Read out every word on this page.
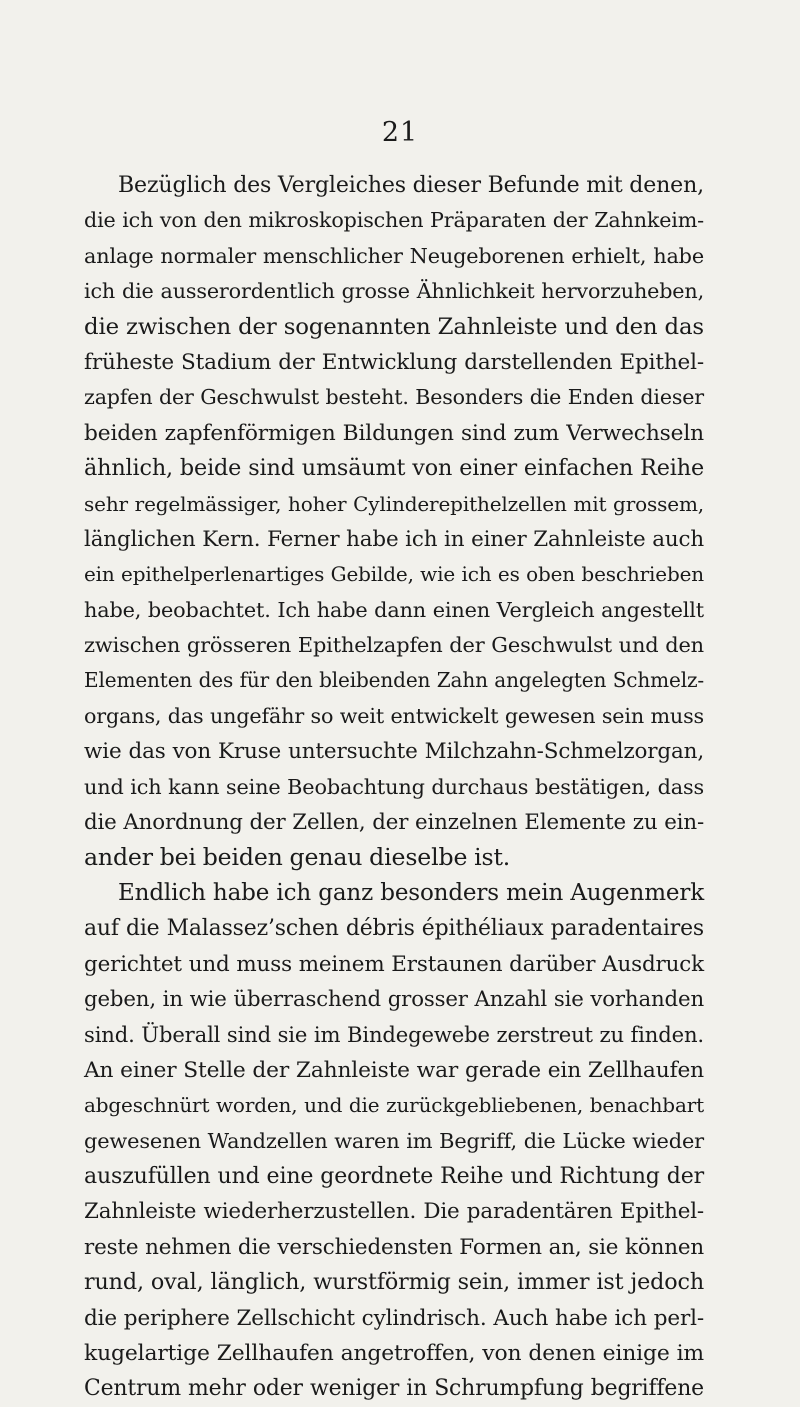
21
Bezüglich des Vergleiches dieser Befunde mit denen,
die ich von den mikroskopischen Präparaten der Zahnkeim-
anlage normaler menschlicher Neugeborenen erhielt, habe
ich die ausserordentlich grosse Ähnlichkeit hervorzuheben,
die zwischen der sogenannten Zahnleiste und den das
früheste Stadium der Entwicklung darstellenden Epithel-
zapfen der Geschwulst besteht. Besonders die Enden dieser
beiden zapfenförmigen Bildungen sind zum Verwechseln
ähnlich, beide sind umsäumt von einer einfachen Reihe
sehr regelmässiger, hoher Cylinderepithelzellen mit grossem,
länglichen Kern. Ferner habe ich in einer Zahnleiste auch
ein epithelperlenartiges Gebilde, wie ich es oben beschrieben
habe, beobachtet. Ich habe dann einen Vergleich angestellt
zwischen grösseren Epithelzapfen der Geschwulst und den
Elementen des für den bleibenden Zahn angelegten Schmelz-
organs, das ungefähr so weit entwickelt gewesen sein muss
wie das von Kruse untersuchte Milchzahn-Schmelzorgan,
und ich kann seine Beobachtung durchaus bestätigen, dass
die Anordnung der Zellen, der einzelnen Elemente zu ein-
ander bei beiden genau dieselbe ist.
Endlich habe ich ganz besonders mein Augenmerk
auf die Malassez’schen débris épithéliaux paradentaires
gerichtet und muss meinem Erstaunen darüber Ausdruck
geben, in wie überraschend grosser Anzahl sie vorhanden
sind. Überall sind sie im Bindegewebe zerstreut zu finden.
An einer Stelle der Zahnleiste war gerade ein Zellhaufen
abgeschnürt worden, und die zurückgebliebenen, benachbart
gewesenen Wandzellen waren im Begriff, die Lücke wieder
auszufüllen und eine geordnete Reihe und Richtung der
Zahnleiste wiederherzustellen. Die paradentären Epithel-
reste nehmen die verschiedensten Formen an, sie können
rund, oval, länglich, wurstförmig sein, immer ist jedoch
die periphere Zellschicht cylindrisch. Auch habe ich perl-
kugelartige Zellhaufen angetroffen, von denen einige im
Centrum mehr oder weniger in Schrumpfung begriffene
